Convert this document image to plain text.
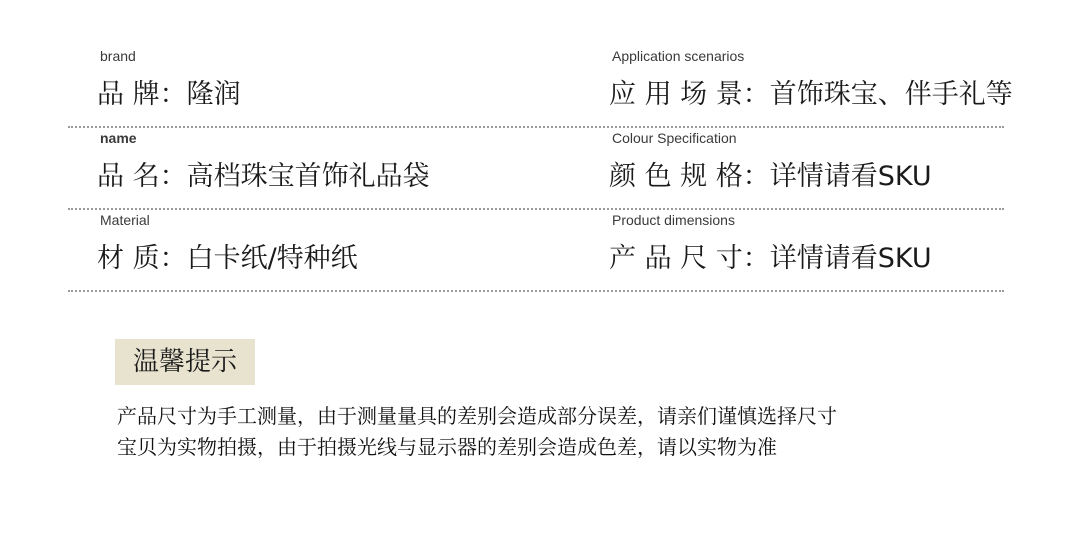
brand
品 牌：隆润
Application scenarios
应 用 场 景：首饰珠宝、伴手礼等
name
品 名：高档珠宝首饰礼品袋
Colour Specification
颜 色 规 格：详情请看SKU
Material
材 质：白卡纸/特种纸
Product dimensions
产 品 尺 寸：详情请看SKU
温馨提示
产品尺寸为手工测量，由于测量量具的差别会造成部分误差，请亲们谨慎选择尺寸
宝贝为实物拍摄，由于拍摄光线与显示器的差别会造成色差，请以实物为准
